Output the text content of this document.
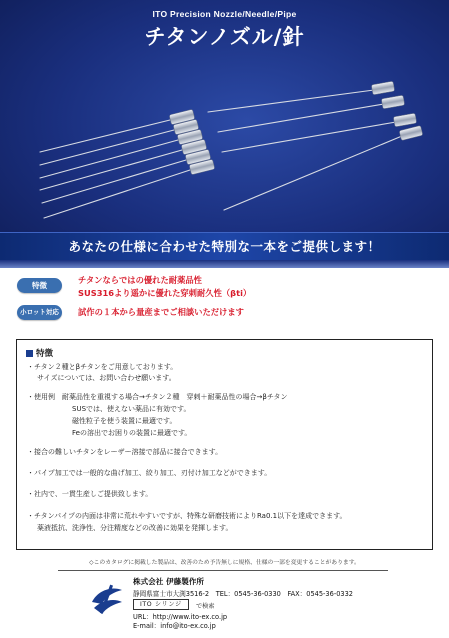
ITO Precision Nozzle/Needle/Pipe
チタンノズル/針
あなたの仕様に合わせた特別な一本をご提供します！
特徴
チタンならではの優れた耐薬品性
SUS316より遥かに優れた穿刺耐久性（βti）
小ロット対応	試作の１本から量産までご相談いただけます
特徴
・チタン２種とβチタンをご用意しております。
サイズについては、お問い合わせ願います。
・使用例　耐薬品性を重視する場合→チタン２種　穿刺＋耐薬品性の場合→βチタン
SUSでは、使えない薬品に有効です。
磁性粒子を使う装置に最適です。
Feの溶出でお困りの装置に最適です。
・接合の難しいチタンをレーザー溶接で部品に接合できます。
・パイプ加工では一般的な曲げ加工、絞り加工、刃付け加工などができます。
・社内で、一貫生産しご提供致します。
・チタンパイプの内面は非常に荒れやすいですが、特殊な研磨技術によりRa0.1以下を達成できます。
薬液抵抗、洗浄性、分注精度などの改善に効果を発揮します。
◇このカタログに掲載した製品は、改善のため予告無しに規格、仕様の一部を変更することがあります。
株式会社 伊藤製作所
静岡県富士市大渕3516-2　TEL：0545-36-0330　FAX：0545-36-0332
ITO シリンジ	で検索
URL：http://www.ito-ex.co.jp
E-mail：info@ito-ex.co.jp
